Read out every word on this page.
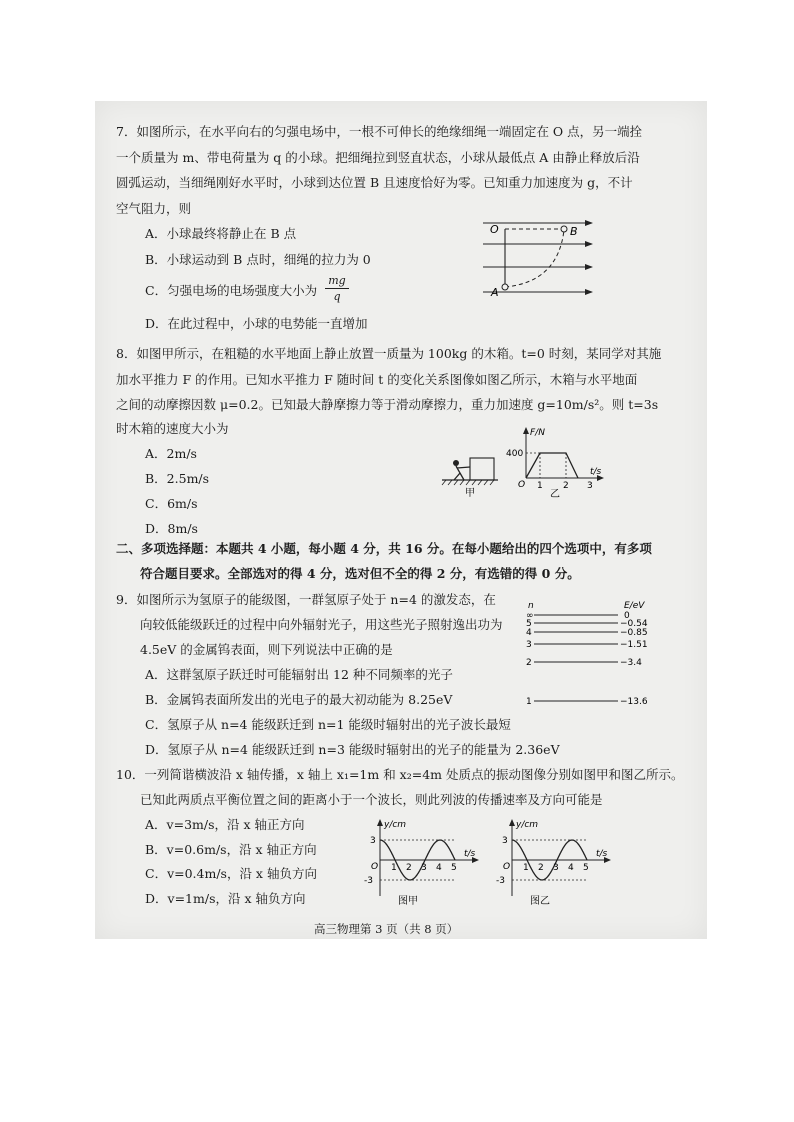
7．如图所示，在水平向右的匀强电场中，一根不可伸长的绝缘细绳一端固定在 O 点，另一端拴
一个质量为 m、带电荷量为 q 的小球。把细绳拉到竖直状态，小球从最低点 A 由静止释放后沿
圆弧运动，当细绳刚好水平时，小球到达位置 B 且速度恰好为零。已知重力加速度为 g，不计
空气阻力，则
A．小球最终将静止在 B 点
B．小球运动到 B 点时，细绳的拉力为 0
C．匀强电场的电场强度大小为
mg
q
D．在此过程中，小球的电势能一直增加
O
A
B
8．如图甲所示，在粗糙的水平地面上静止放置一质量为 100kg 的木箱。t=0 时刻，某同学对其施
加水平推力 F 的作用。已知水平推力 F 随时间 t 的变化关系图像如图乙所示，木箱与水平地面
之间的动摩擦因数 μ=0.2。已知最大静摩擦力等于滑动摩擦力，重力加速度 g=10m/s²。则 t=3s
时木箱的速度大小为
A．2m/s
B．2.5m/s
C．6m/s
D．8m/s
甲
F/N
t/s
400
O 1 2 3
乙
二、多项选择题：本题共 4 小题，每小题 4 分，共 16 分。在每小题给出的四个选项中，有多项
符合题目要求。全部选对的得 4 分，选对但不全的得 2 分，有选错的得 0 分。
9．如图所示为氢原子的能级图，一群氢原子处于 n=4 的激发态，在
向较低能级跃迁的过程中向外辐射光子，用这些光子照射逸出功为
4.5eV 的金属钨表面，则下列说法中正确的是
A．这群氢原子跃迁时可能辐射出 12 种不同频率的光子
B．金属钨表面所发出的光电子的最大初动能为 8.25eV
C．氢原子从 n=4 能级跃迁到 n=1 能级时辐射出的光子波长最短
D．氢原子从 n=4 能级跃迁到 n=3 能级时辐射出的光子的能量为 2.36eV
n	E/eV
∞	0
5	−0.54
4	−0.85
3	−1.51
2	−3.4
1	−13.6
10．一列简谐横波沿 x 轴传播，x 轴上 x₁=1m 和 x₂=4m 处质点的振动图像分别如图甲和图乙所示。
已知此两质点平衡位置之间的距离小于一个波长，则此列波的传播速率及方向可能是
A．v=3m/s，沿 x 轴正方向
B．v=0.6m/s，沿 x 轴正方向
C．v=0.4m/s，沿 x 轴负方向
D．v=1m/s，沿 x 轴负方向
y/cm
t/s
3
-3
O 1 2 3 4 5
图甲
y/cm
t/s
3
-3
O 1 2 3 4 5
图乙
高三物理第 3 页（共 8 页）
